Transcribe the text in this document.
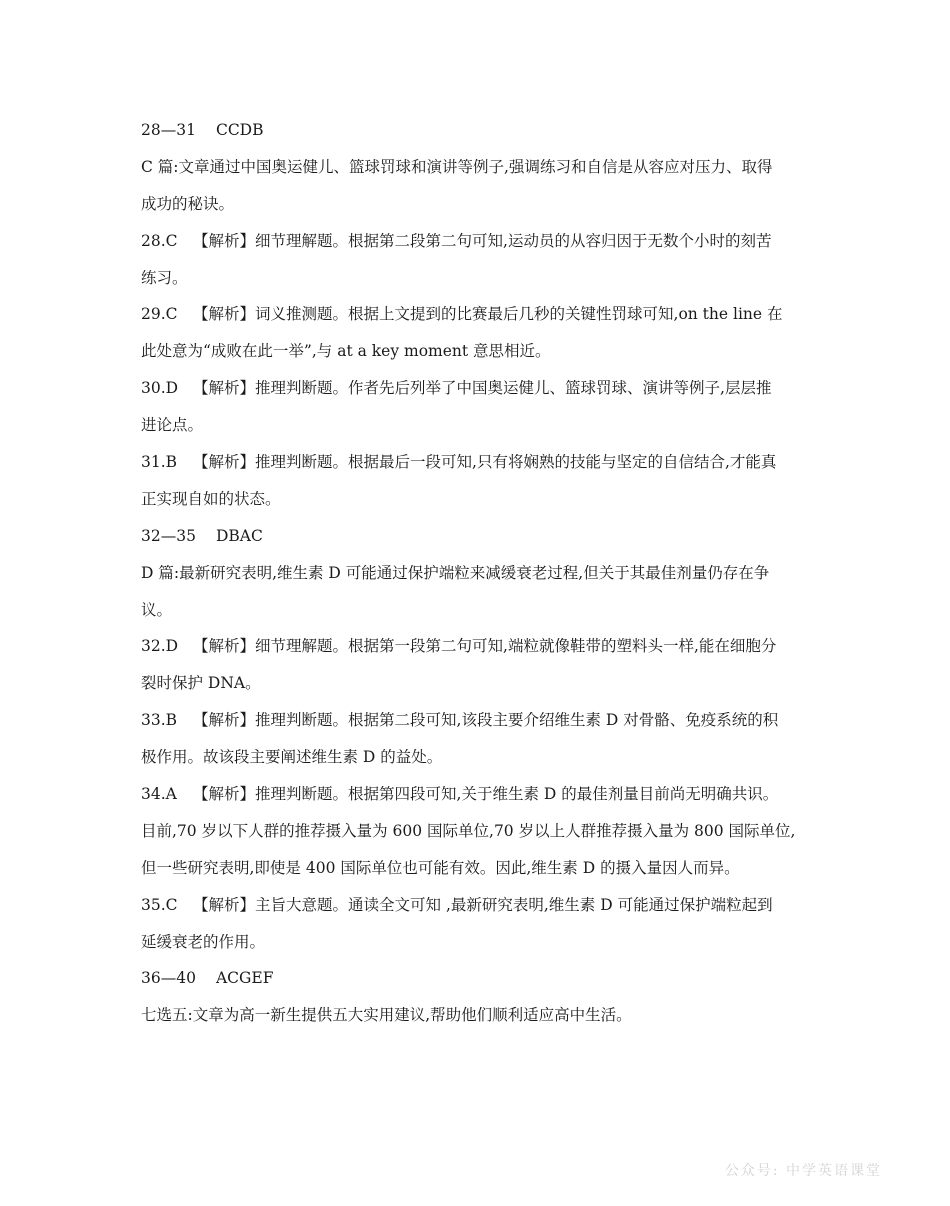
28—31 CCDB
C 篇:文章通过中国奥运健儿、篮球罚球和演讲等例子,强调练习和自信是从容应对压力、取得
成功的秘诀。
28.C 【解析】细节理解题。根据第二段第二句可知,运动员的从容归因于无数个小时的刻苦
练习。
29.C 【解析】词义推测题。根据上文提到的比赛最后几秒的关键性罚球可知,on the line 在
此处意为“成败在此一举”,与 at a key moment 意思相近。
30.D 【解析】推理判断题。作者先后列举了中国奥运健儿、篮球罚球、演讲等例子,层层推
进论点。
31.B 【解析】推理判断题。根据最后一段可知,只有将娴熟的技能与坚定的自信结合,才能真
正实现自如的状态。
32—35 DBAC
D 篇:最新研究表明,维生素 D 可能通过保护端粒来减缓衰老过程,但关于其最佳剂量仍存在争
议。
32.D 【解析】细节理解题。根据第一段第二句可知,端粒就像鞋带的塑料头一样,能在细胞分
裂时保护 DNA。
33.B 【解析】推理判断题。根据第二段可知,该段主要介绍维生素 D 对骨骼、免疫系统的积
极作用。故该段主要阐述维生素 D 的益处。
34.A 【解析】推理判断题。根据第四段可知,关于维生素 D 的最佳剂量目前尚无明确共识。
目前,70 岁以下人群的推荐摄入量为 600 国际单位,70 岁以上人群推荐摄入量为 800 国际单位,
但一些研究表明,即使是 400 国际单位也可能有效。因此,维生素 D 的摄入量因人而异。
35.C 【解析】主旨大意题。通读全文可知 ,最新研究表明,维生素 D 可能通过保护端粒起到
延缓衰老的作用。
36—40 ACGEF
七选五:文章为高一新生提供五大实用建议,帮助他们顺利适应高中生活。
公众号: 中学英语课堂
